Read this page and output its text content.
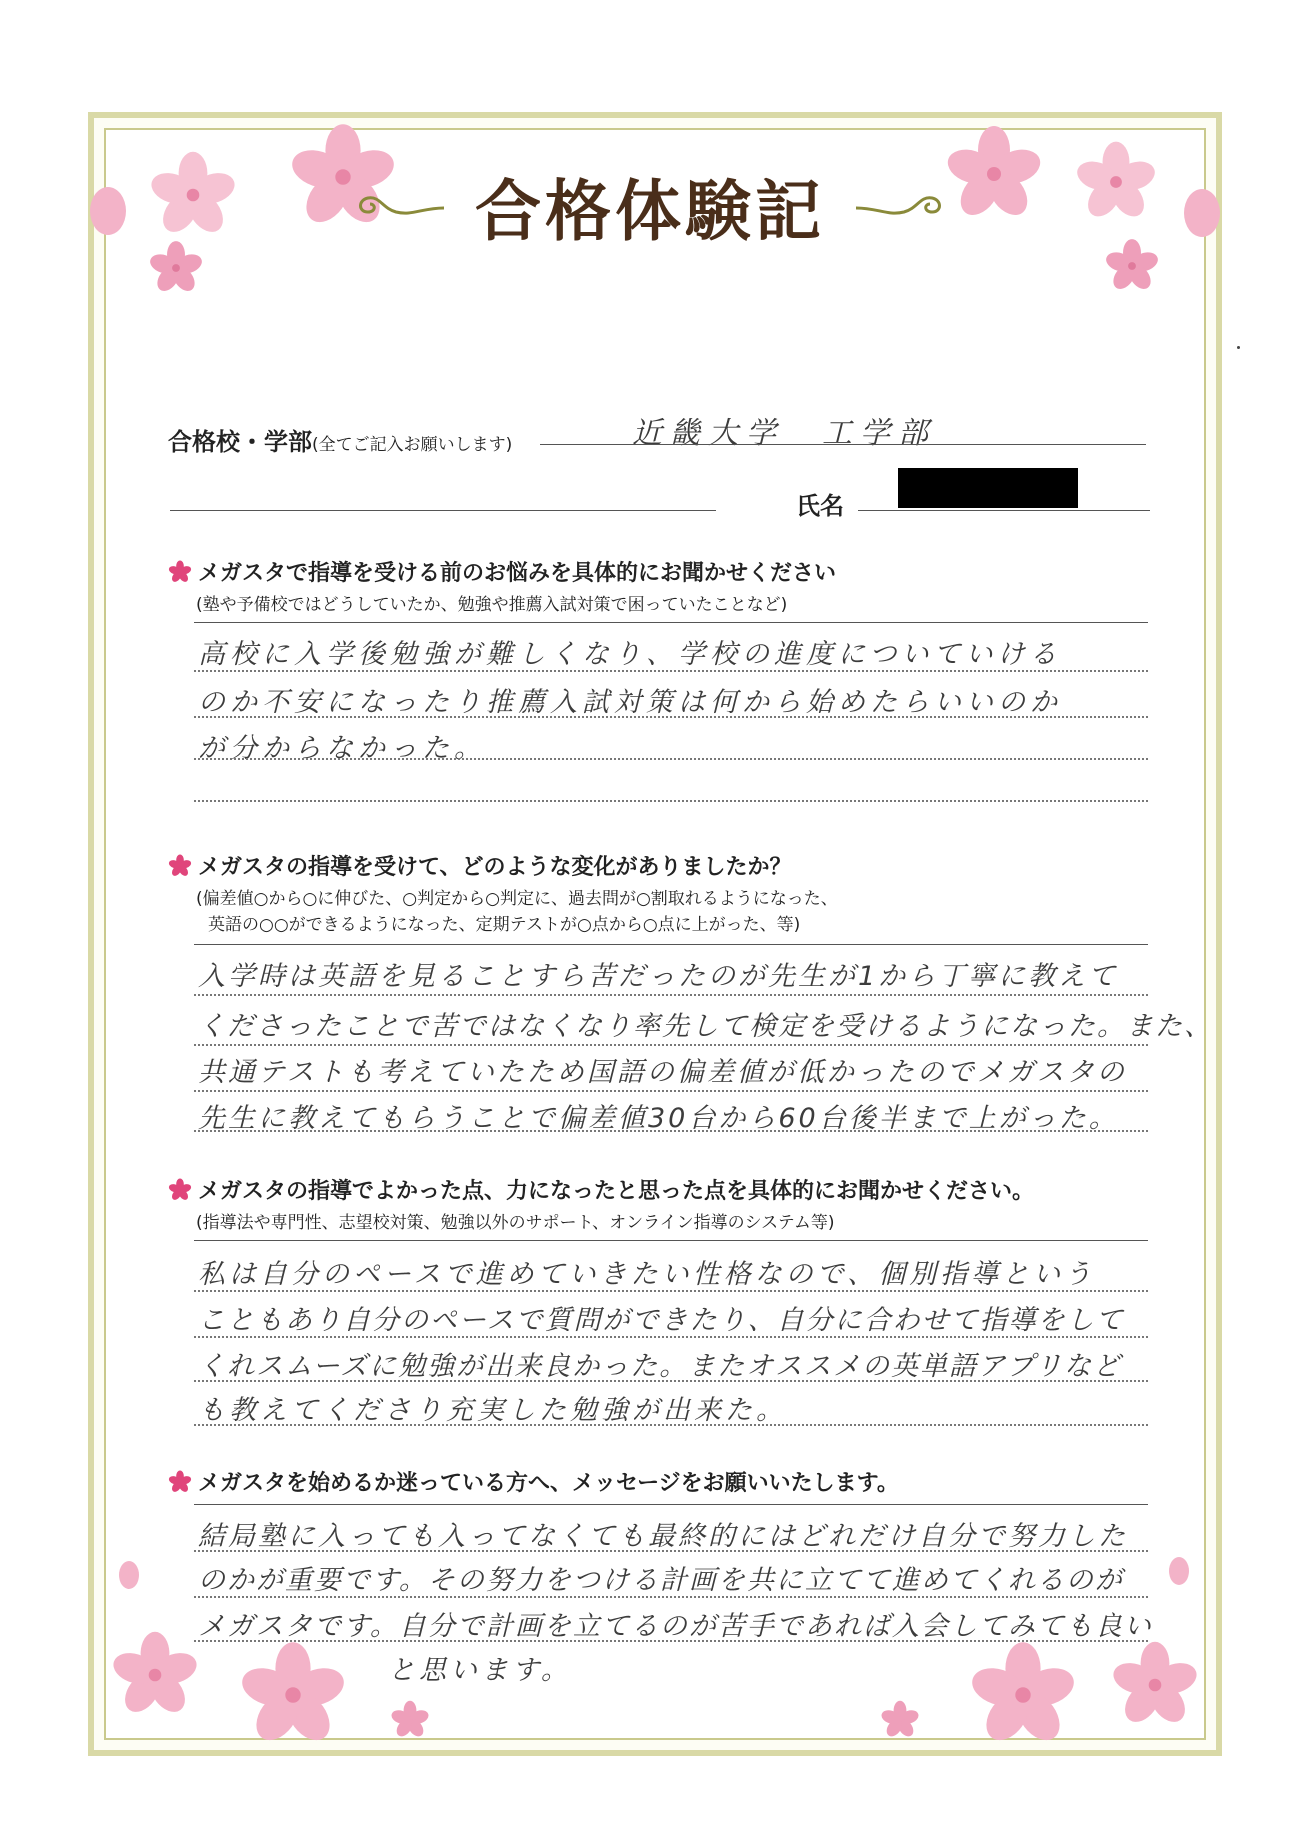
合格体験記
合格校・学部(全てご記入お願いします)	近畿大学　工学部
氏名
メガスタで指導を受ける前のお悩みを具体的にお聞かせください
(塾や予備校ではどうしていたか、勉強や推薦入試対策で困っていたことなど)
高校に入学後勉強が難しくなり、学校の進度についていける
のか不安になったり推薦入試対策は何から始めたらいいのか
が分からなかった。
メガスタの指導を受けて、どのような変化がありましたか？
(偏差値○から○に伸びた、○判定から○判定に、過去問が○割取れるようになった、
英語の○○ができるようになった、定期テストが○点から○点に上がった、等)
入学時は英語を見ることすら苦だったのが先生が1から丁寧に教えて
くださったことで苦ではなくなり率先して検定を受けるようになった。また、
共通テストも考えていたため国語の偏差値が低かったのでメガスタの
先生に教えてもらうことで偏差値30台から60台後半まで上がった。
メガスタの指導でよかった点、力になったと思った点を具体的にお聞かせください。
(指導法や専門性、志望校対策、勉強以外のサポート、オンライン指導のシステム等)
私は自分のペースで進めていきたい性格なので、個別指導という
こともあり自分のペースで質問ができたり、自分に合わせて指導をして
くれスムーズに勉強が出来良かった。またオススメの英単語アプリなど
も教えてくださり充実した勉強が出来た。
メガスタを始めるか迷っている方へ、メッセージをお願いいたします。
結局塾に入っても入ってなくても最終的にはどれだけ自分で努力した
のかが重要です。その努力をつける計画を共に立てて進めてくれるのが
メガスタです。自分で計画を立てるのが苦手であれば入会してみても良い
と思います。
